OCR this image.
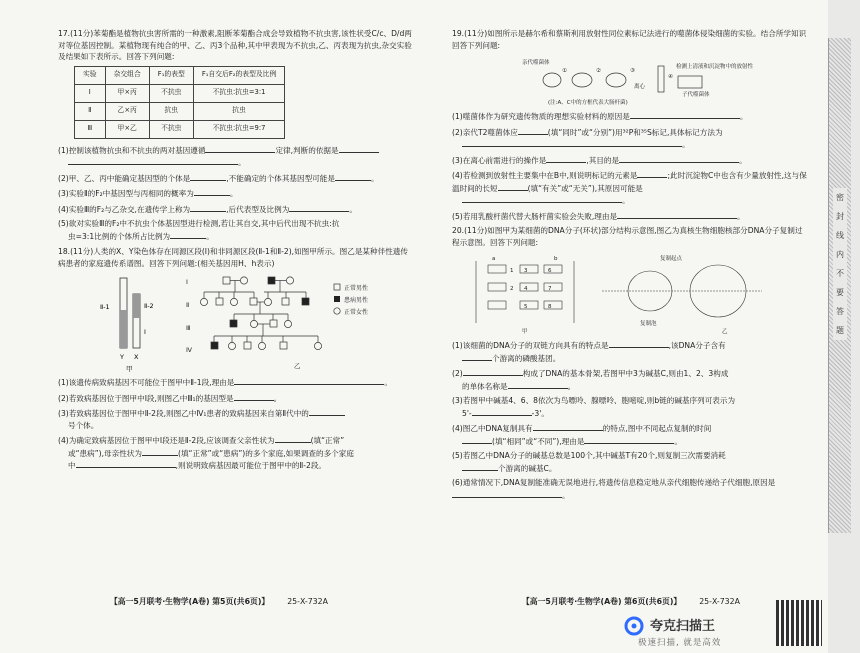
17.(11分)苯菊酯是植物抗虫害所需的一种激素,阻断苯菊酯合成会导致植物不抗虫害,该性状受C/c、D/d两对等位基因控制。某植物现有纯合的甲、乙、丙3个品种,其中甲表现为不抗虫,乙、丙表现为抗虫,杂交实验及结果如下表所示。回答下列问题:

实验	杂交组合	F₁的表型	F₁自交后F₂的表型及比例
Ⅰ	甲×丙	不抗虫	不抗虫:抗虫=3:1
Ⅱ	乙×丙	抗虫	抗虫
Ⅲ	甲×乙	不抗虫	不抗虫:抗虫=9:7

(1)控制该植物抗虫和不抗虫的两对基因遵循	定律,判断的依据是
。

(2)甲、乙、丙中能确定基因型的个体是	,不能确定的个体其基因型可能是	。

(3)实验Ⅱ的F₂中基因型与丙相同的概率为	。

(4)实验Ⅲ的F₂与乙杂交,在遗传学上称为	,后代表型及比例为	。

(5)欲对实验Ⅲ的F₂中不抗虫个体基因型进行检测,若让其自交,其中后代出现不抗虫:抗
虫=3:1比例的个体所占比例为	。

18.(11分)人类的X、Y染色体存在同源区段(Ⅰ)和非同源区段(Ⅱ-1和Ⅱ-2),如图甲所示。图乙是某种伴性遗传病患者的家庭遗传系谱图。回答下列问题:(相关基因用H、h表示)

Ⅱ-1	Ⅱ-2
Ⅰ
Y X
甲
Ⅰ
Ⅱ
Ⅲ
Ⅳ
乙
正常男性
患病男性
正常女性

(1)该遗传病致病基因不可能位于图甲中Ⅱ-1段,理由是	。

(2)若致病基因位于图甲中Ⅰ段,则图乙中Ⅲ₁的基因型是	。

(3)若致病基因位于图甲中Ⅱ-2段,则图乙中Ⅳ₁患者的致病基因来自第Ⅱ代中的
号个体。

(4)为确定致病基因位于图甲中Ⅰ段还是Ⅱ-2段,应该调查父亲性状为	(填“正常”
或“患病”),母亲性状为	(填“正常”或“患病”)的多个家庭,如果调查的多个家庭
中	,则说明致病基因最可能位于图甲中的Ⅱ-2段。

【高一5月联考·生物学(A卷) 第5页(共6页)】 25-X-732A

19.(11分)如图所示是赫尔希和蔡斯利用放射性同位素标记法进行的噬菌体侵染细菌的实验。结合所学知识回答下列问题:

亲代噬菌体
①	②	③
离心
检测上清液和沉淀物中的放射性
④
子代噬菌体
(注:A、C中的方框代表大肠杆菌)

(1)噬菌体作为研究遗传物质的理想实验材料的原因是	。

(2)亲代T2噬菌体应	(填“同时”或“分别”)用³²P和³⁵S标记,具体标记方法为
。

(3)在离心前需进行的操作是	,其目的是	。

(4)若检测到放射性主要集中在B中,则说明标记的元素是	;此时沉淀物C中也含有少量放射性,这与保温时间的长短	(填“有关”或“无关”),其原因可能是
。

(5)若用乳酸杆菌代替大肠杆菌实验会失败,理由是	。

20.(11分)如图甲为某细菌的DNA分子(环状)部分结构示意图,图乙为真核生物细胞核部分DNA分子复制过程示意图。回答下列问题:

a	b
1
2
3
4
5
6
7
8
甲
复制起点
复制泡
乙

(1)该细菌的DNA分子的双链方向具有的特点是	,该DNA分子含有
个游离的磷酸基团。

(2)	构成了DNA的基本骨架,若图甲中3为碱基C,则由1、2、3构成
的单体名称是	。

(3)若图甲中碱基4、6、8依次为鸟嘌呤、腺嘌呤、胞嘧啶,则b链的碱基序列可表示为
5'-	-3'。

(4)图乙中DNA复制具有	的特点,图中不同起点复制的时间
(填“相同”或“不同”),理由是	。

(5)若图乙中DNA分子的碱基总数是100个,其中碱基T有20个,则复制三次需要消耗
个游离的碱基C。

(6)通常情况下,DNA复制能准确无误地进行,将遗传信息稳定地从亲代细胞传递给子代细胞,原因是。

【高一5月联考·生物学(A卷) 第6页(共6页)】 25-X-732A
夸克扫描王
极速扫描, 就是高效
密
封
线
内
不
要
答
题
